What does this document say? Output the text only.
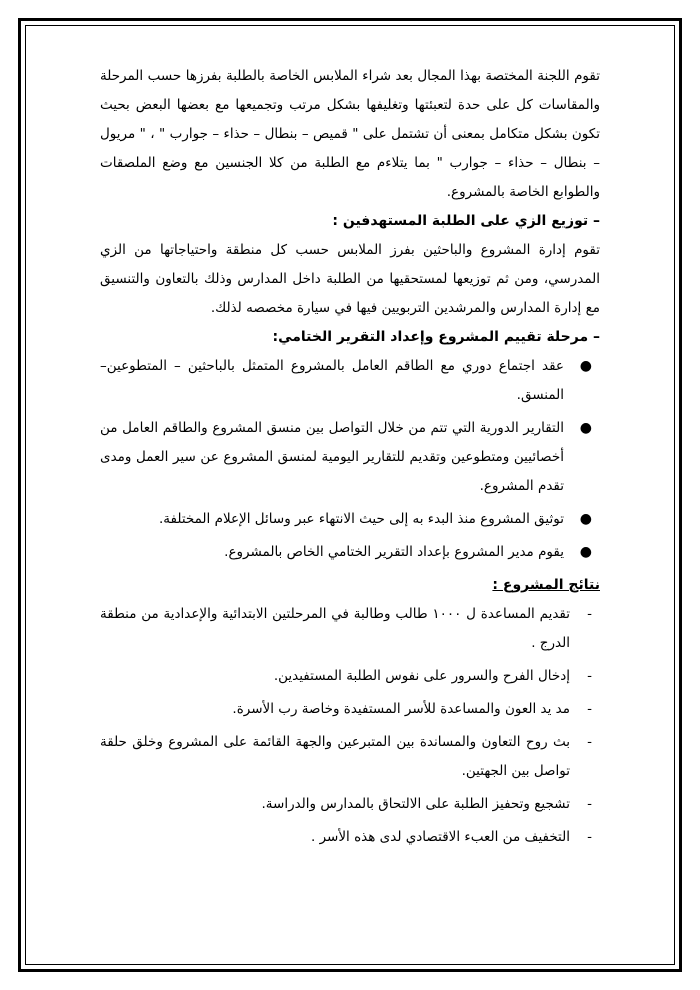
تقوم اللجنة المختصة بهذا المجال بعد شراء الملابس الخاصة بالطلبة بفرزها حسب المرحلة والمقاسات كل على حدة لتعبئتها وتغليفها بشكل مرتب وتجميعها مع بعضها البعض بحيث تكون بشكل متكامل بمعنى أن تشتمل على " قميص – بنطال – حذاء – جوارب " ، " مريول – بنطال – حذاء – جوارب " بما يتلاءم مع الطلبة من كلا الجنسين مع وضع الملصقات والطوابع الخاصة بالمشروع.

– توزيع الزي على الطلبة المستهدفين :

تقوم إدارة المشروع والباحثين بفرز الملابس حسب كل منطقة واحتياجاتها من الزي المدرسي، ومن ثم توزيعها لمستحقيها من الطلبة داخل المدارس وذلك بالتعاون والتنسيق مع إدارة المدارس والمرشدين التربويين فيها في سيارة مخصصه لذلك.

– مرحلة تقييم المشروع وإعداد التقرير الختامي:

●
عقد اجتماع دوري مع الطاقم العامل بالمشروع المتمثل بالباحثين – المتطوعين– المنسق.
●
التقارير الدورية التي تتم من خلال التواصل بين منسق المشروع والطاقم العامل من أخصائيين ومتطوعين وتقديم للتقارير اليومية لمنسق المشروع عن سير العمل ومدى تقدم المشروع.
●
توثيق المشروع منذ البدء به إلى حيث الانتهاء عبر وسائل الإعلام المختلفة.
●
يقوم مدير المشروع بإعداد التقرير الختامي الخاص بالمشروع.

نتائج المشروع :

-
تقديم المساعدة ل ١٠٠٠ طالب وطالبة في المرحلتين الابتدائية والإعدادية من منطقة الدرج .
-
إدخال الفرح والسرور على نفوس الطلبة المستفيدين.
-
مد يد العون والمساعدة للأسر المستفيدة وخاصة رب الأسرة.
-
بث روح التعاون والمساندة بين المتبرعين والجهة القائمة على المشروع وخلق حلقة تواصل بين الجهتين.
-
تشجيع وتحفيز الطلبة على الالتحاق بالمدارس والدراسة.
-
التخفيف من العبء الاقتصادي لدى هذه الأسر .
